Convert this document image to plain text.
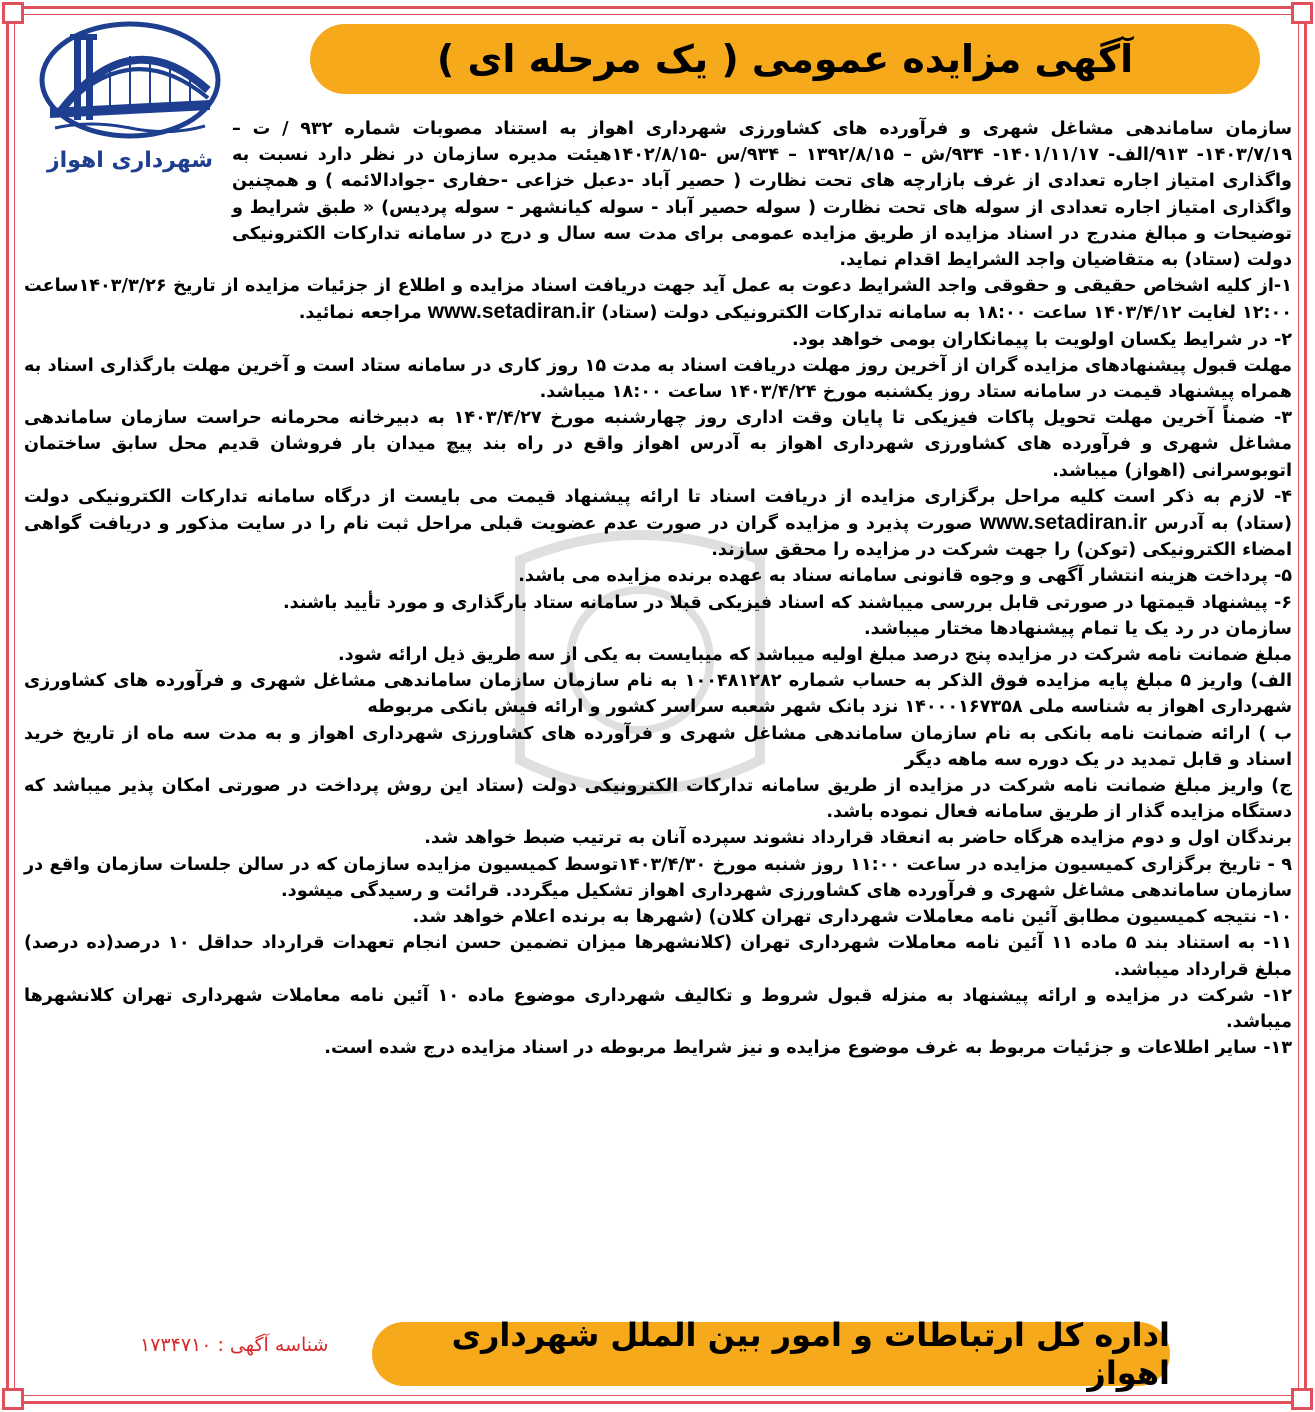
شهرداری اهواز
آگهی مزایده عمومی ( یک مرحله ای )

سازمان ساماندهی مشاغل شهری و فرآورده های کشاورزی شهرداری اهواز به استناد مصوبات شماره ۹۳۲ / ت – ۱۴۰۳/۷/۱۹- ۹۱۳/الف- ۱۴۰۱/۱۱/۱۷- ۹۳۴/ش – ۱۳۹۲/۸/۱۵ – ۹۳۴/س -۱۴۰۲/۸/۱۵هیئت مدیره سازمان در نظر دارد نسبت به واگذاری امتیاز اجاره تعدادی از غرف بازارچه های تحت نظارت ( حصیر آباد -دعبل خزاعی -حفاری -جوادالائمه ) و همچنین واگذاری امتیاز اجاره تعدادی از سوله های تحت نظارت ( سوله حصیر آباد - سوله کیانشهر - سوله پردیس) « طبق شرایط و توضیحات و مبالغ مندرج در اسناد مزایده از طریق مزایده عمومی برای مدت سه سال و درج در سامانه تدارکات الکترونیکی دولت (ستاد) به متقاضیان واجد الشرایط اقدام نماید.

۱-از کلیه اشخاص حقیقی و حقوقی واجد الشرایط دعوت به عمل آید جهت دریافت اسناد مزایده و اطلاع از جزئیات مزایده از تاریخ ۱۴۰۳/۳/۲۶ساعت ۱۲:۰۰ لغایت ۱۴۰۳/۴/۱۲ ساعت ۱۸:۰۰ به سامانه تدارکات الکترونیکی دولت (ستاد) www.setadiran.ir مراجعه نمائید.

۲- در شرایط یکسان اولویت با پیمانکاران بومی خواهد بود.

مهلت قبول پیشنهادهای مزایده گران از آخرین روز مهلت دریافت اسناد به مدت ۱۵ روز کاری در سامانه ستاد است و آخرین مهلت بارگذاری اسناد به همراه پیشنهاد قیمت در سامانه ستاد روز یکشنبه مورخ ۱۴۰۳/۴/۲۴ ساعت ۱۸:۰۰ میباشد.

۳- ضمناً آخرین مهلت تحویل پاکات فیزیکی تا پایان وقت اداری روز چهارشنبه مورخ ۱۴۰۳/۴/۲۷ به دبیرخانه محرمانه حراست سازمان ساماندهی مشاغل شهری و فرآورده های کشاورزی شهرداری اهواز به آدرس اهواز واقع در راه بند پیچ میدان بار فروشان قدیم محل سابق ساختمان اتوبوسرانی (اهواز) میباشد.

۴- لازم به ذکر است کلیه مراحل برگزاری مزایده از دریافت اسناد تا ارائه پیشنهاد قیمت می بایست از درگاه سامانه تدارکات الکترونیکی دولت (ستاد) به آدرس www.setadiran.ir صورت پذیرد و مزایده گران در صورت عدم عضویت قبلی مراحل ثبت نام را در سایت مذکور و دریافت گواهی امضاء الکترونیکی (توکن) را جهت شرکت در مزایده را محقق سازند.

۵- پرداخت هزینه انتشار آگهی و وجوه قانونی سامانه سناد به عهده برنده مزایده می باشد.

۶- پیشنهاد قیمتها در صورتی قابل بررسی میباشند که اسناد فیزیکی قبلا در سامانه ستاد بارگذاری و مورد تأیید باشند.

سازمان در رد یک یا تمام پیشنهادها مختار میباشد.

مبلغ ضمانت نامه شرکت در مزایده پنج درصد مبلغ اولیه میباشد که میبایست به یکی از سه طریق ذیل ارائه شود.

الف) واریز ۵ مبلغ پایه مزایده فوق الذکر به حساب شماره ۱۰۰۴۸۱۲۸۲ به نام سازمان سازمان ساماندهی مشاغل شهری و فرآورده های کشاورزی شهرداری اهواز به شناسه ملی ۱۴۰۰۰۱۶۷۳۵۸ نزد بانک شهر شعبه سراسر کشور و ارائه فیش بانکی مربوطه

ب ) ارائه ضمانت نامه بانکی به نام سازمان ساماندهی مشاغل شهری و فرآورده های کشاورزی شهرداری اهواز و به مدت سه ماه از تاریخ خرید اسناد و قابل تمدید در یک دوره سه ماهه دیگر

ج) واریز مبلغ ضمانت نامه شرکت در مزایده از طریق سامانه تدارکات الکترونیکی دولت (ستاد این روش پرداخت در صورتی امکان پذیر میباشد که دستگاه مزایده گذار از طریق سامانه فعال نموده باشد.

برندگان اول و دوم مزایده هرگاه حاضر به انعقاد قرارداد نشوند سپرده آنان به ترتیب ضبط خواهد شد.

۹ - تاریخ برگزاری کمیسیون مزایده در ساعت ۱۱:۰۰ روز شنبه مورخ ۱۴۰۳/۴/۳۰توسط کمیسیون مزایده سازمان که در سالن جلسات سازمان واقع در سازمان ساماندهی مشاغل شهری و فرآورده های کشاورزی شهرداری اهواز تشکیل میگردد. قرائت و رسیدگی میشود.

۱۰- نتیجه کمیسیون مطابق آئین نامه معاملات شهرداری تهران کلان) (شهرها به برنده اعلام خواهد شد.

۱۱- به استناد بند ۵ ماده ۱۱ آئین نامه معاملات شهرداری تهران (کلانشهرها میزان تضمین حسن انجام تعهدات قرارداد حداقل ۱۰ درصد(ده درصد) مبلغ قرارداد میباشد.

۱۲- شرکت در مزایده و ارائه پیشنهاد به منزله قبول شروط و تکالیف شهرداری موضوع ماده ۱۰ آئین نامه معاملات شهرداری تهران کلانشهرها میباشد.

۱۳- سایر اطلاعات و جزئیات مربوط به غرف موضوع مزایده و نیز شرایط مربوطه در اسناد مزایده درج شده است.

شناسه آگهی : ۱۷۳۴۷۱۰	اداره کل ارتباطات و امور بین الملل شهرداری اهواز
